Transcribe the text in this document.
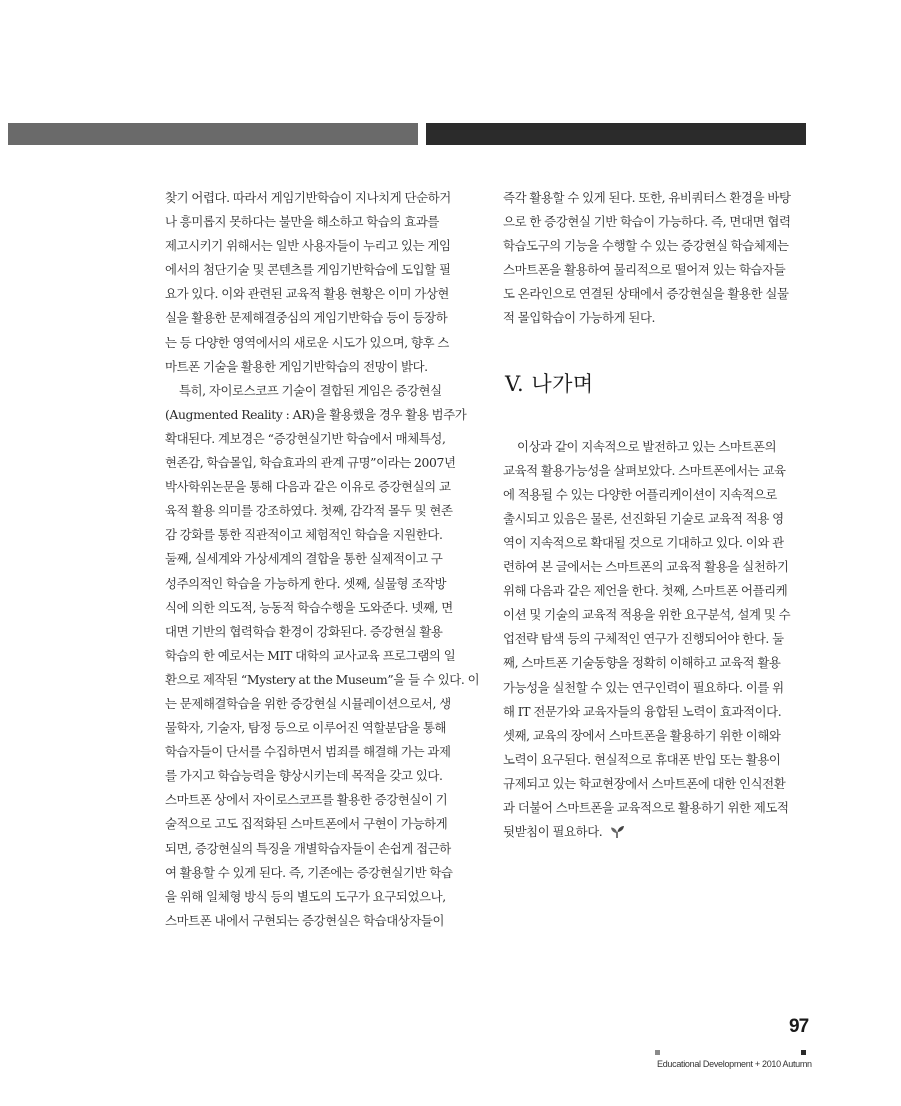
찾기 어렵다. 따라서 게임기반학습이 지나치게 단순하거
나 흥미롭지 못하다는 불만을 해소하고 학습의 효과를
제고시키기 위해서는 일반 사용자들이 누리고 있는 게임
에서의 첨단기술 및 콘텐츠를 게임기반학습에 도입할 필
요가 있다. 이와 관련된 교육적 활용 현황은 이미 가상현
실을 활용한 문제해결중심의 게임기반학습 등이 등장하
는 등 다양한 영역에서의 새로운 시도가 있으며, 향후 스
마트폰 기술을 활용한 게임기반학습의 전망이 밝다.

특히, 자이로스코프 기술이 결합된 게임은 증강현실
(Augmented Reality : AR)을 활용했을 경우 활용 범주가
확대된다. 계보경은 “증강현실기반 학습에서 매체특성,
현존감, 학습몰입, 학습효과의 관계 규명”이라는 2007년
박사학위논문을 통해 다음과 같은 이유로 증강현실의 교
육적 활용 의미를 강조하였다. 첫째, 감각적 몰두 및 현존
감 강화를 통한 직관적이고 체험적인 학습을 지원한다.
둘째, 실세계와 가상세계의 결합을 통한 실제적이고 구
성주의적인 학습을 가능하게 한다. 셋째, 실물형 조작방
식에 의한 의도적, 능동적 학습수행을 도와준다. 넷째, 면
대면 기반의 협력학습 환경이 강화된다. 증강현실 활용
학습의 한 예로서는 MIT 대학의 교사교육 프로그램의 일
환으로 제작된 “Mystery at the Museum”을 들 수 있다. 이
는 문제해결학습을 위한 증강현실 시뮬레이션으로서, 생
물학자, 기술자, 탐정 등으로 이루어진 역할분담을 통해
학습자들이 단서를 수집하면서 범죄를 해결해 가는 과제
를 가지고 학습능력을 향상시키는데 목적을 갖고 있다.
스마트폰 상에서 자이로스코프를 활용한 증강현실이 기
술적으로 고도 집적화된 스마트폰에서 구현이 가능하게
되면, 증강현실의 특징을 개별학습자들이 손쉽게 접근하
여 활용할 수 있게 된다. 즉, 기존에는 증강현실기반 학습
을 위해 일체형 방식 등의 별도의 도구가 요구되었으나,
스마트폰 내에서 구현되는 증강현실은 학습대상자들이

즉각 활용할 수 있게 된다. 또한, 유비쿼터스 환경을 바탕
으로 한 증강현실 기반 학습이 가능하다. 즉, 면대면 협력
학습도구의 기능을 수행할 수 있는 증강현실 학습체제는
스마트폰을 활용하여 물리적으로 떨어져 있는 학습자들
도 온라인으로 연결된 상태에서 증강현실을 활용한 실물
적 몰입학습이 가능하게 된다.

V. 나가며

이상과 같이 지속적으로 발전하고 있는 스마트폰의
교육적 활용가능성을 살펴보았다. 스마트폰에서는 교육
에 적용될 수 있는 다양한 어플리케이션이 지속적으로
출시되고 있음은 물론, 선진화된 기술로 교육적 적용 영
역이 지속적으로 확대될 것으로 기대하고 있다. 이와 관
련하여 본 글에서는 스마트폰의 교육적 활용을 실천하기
위해 다음과 같은 제언을 한다. 첫째, 스마트폰 어플리케
이션 및 기술의 교육적 적용을 위한 요구분석, 설계 및 수
업전략 탐색 등의 구체적인 연구가 진행되어야 한다. 둘
째, 스마트폰 기술동향을 정확히 이해하고 교육적 활용
가능성을 실천할 수 있는 연구인력이 필요하다. 이를 위
해 IT 전문가와 교육자들의 융합된 노력이 효과적이다.
셋째, 교육의 장에서 스마트폰을 활용하기 위한 이해와
노력이 요구된다. 현실적으로 휴대폰 반입 또는 활용이
규제되고 있는 학교현장에서 스마트폰에 대한 인식전환
과 더불어 스마트폰을 교육적으로 활용하기 위한 제도적
뒷받침이 필요하다.

97
Educational Development + 2010 Autumn
